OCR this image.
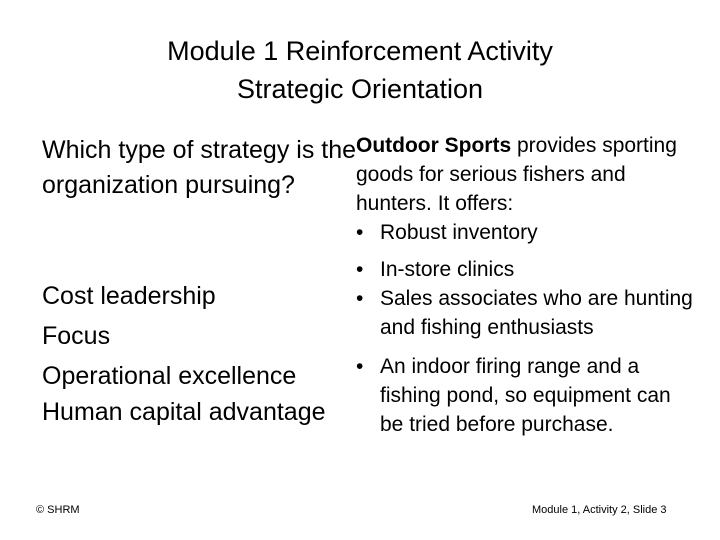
Module 1 Reinforcement Activity
Strategic Orientation
Which type of strategy is the organization pursuing?
Cost leadership
Focus
Operational excellence
Human capital advantage
Outdoor Sports provides sporting goods for serious fishers and hunters. It offers:
• Robust inventory
• In-store clinics
• Sales associates who are hunting and fishing enthusiasts
• An indoor firing range and a fishing pond, so equipment can be tried before purchase.
© SHRM	Module 1, Activity 2, Slide 3
